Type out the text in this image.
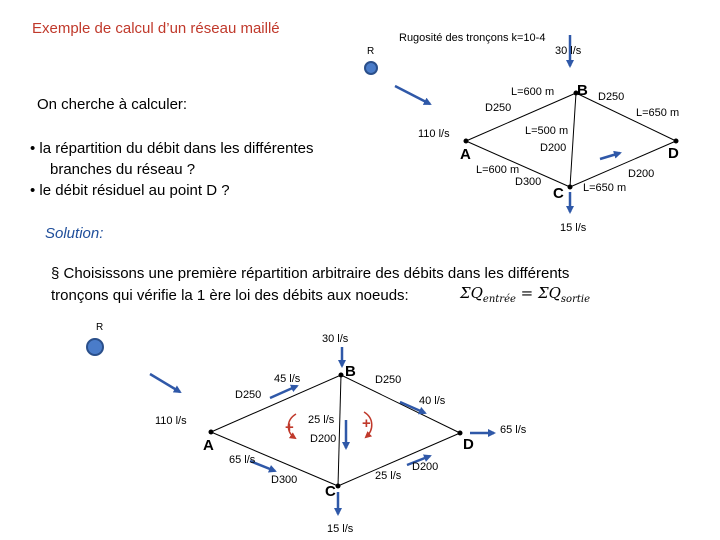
Exemple de calcul d’un réseau maillé
Rugosité des tronçons k=10-4
On cherche à calculer:
• la répartition du débit dans les différentes
branches du réseau ?
• le débit résiduel au point D ?
R	30 l/s
B
L=600 m
D250
D250
L=650 m
110 l/s	L=500 m
D200
A	D
L=600 m	D200
D300
C L=650 m
15 l/s
Solution:
§ Choisissons une première répartition arbitraire des débits dans les différents
tronçons qui vérifie la 1 ère loi des débits aux noeuds:	$\Sigma Q_{entrée} = \Sigma Q_{sortie}$
R
30 l/s
45 l/s	B D250
D250	40 l/s
110 l/s	25 l/s
D200
+	+
A	D
65 l/s
65 l/s
D200
25 l/s
D300
C
15 l/s
